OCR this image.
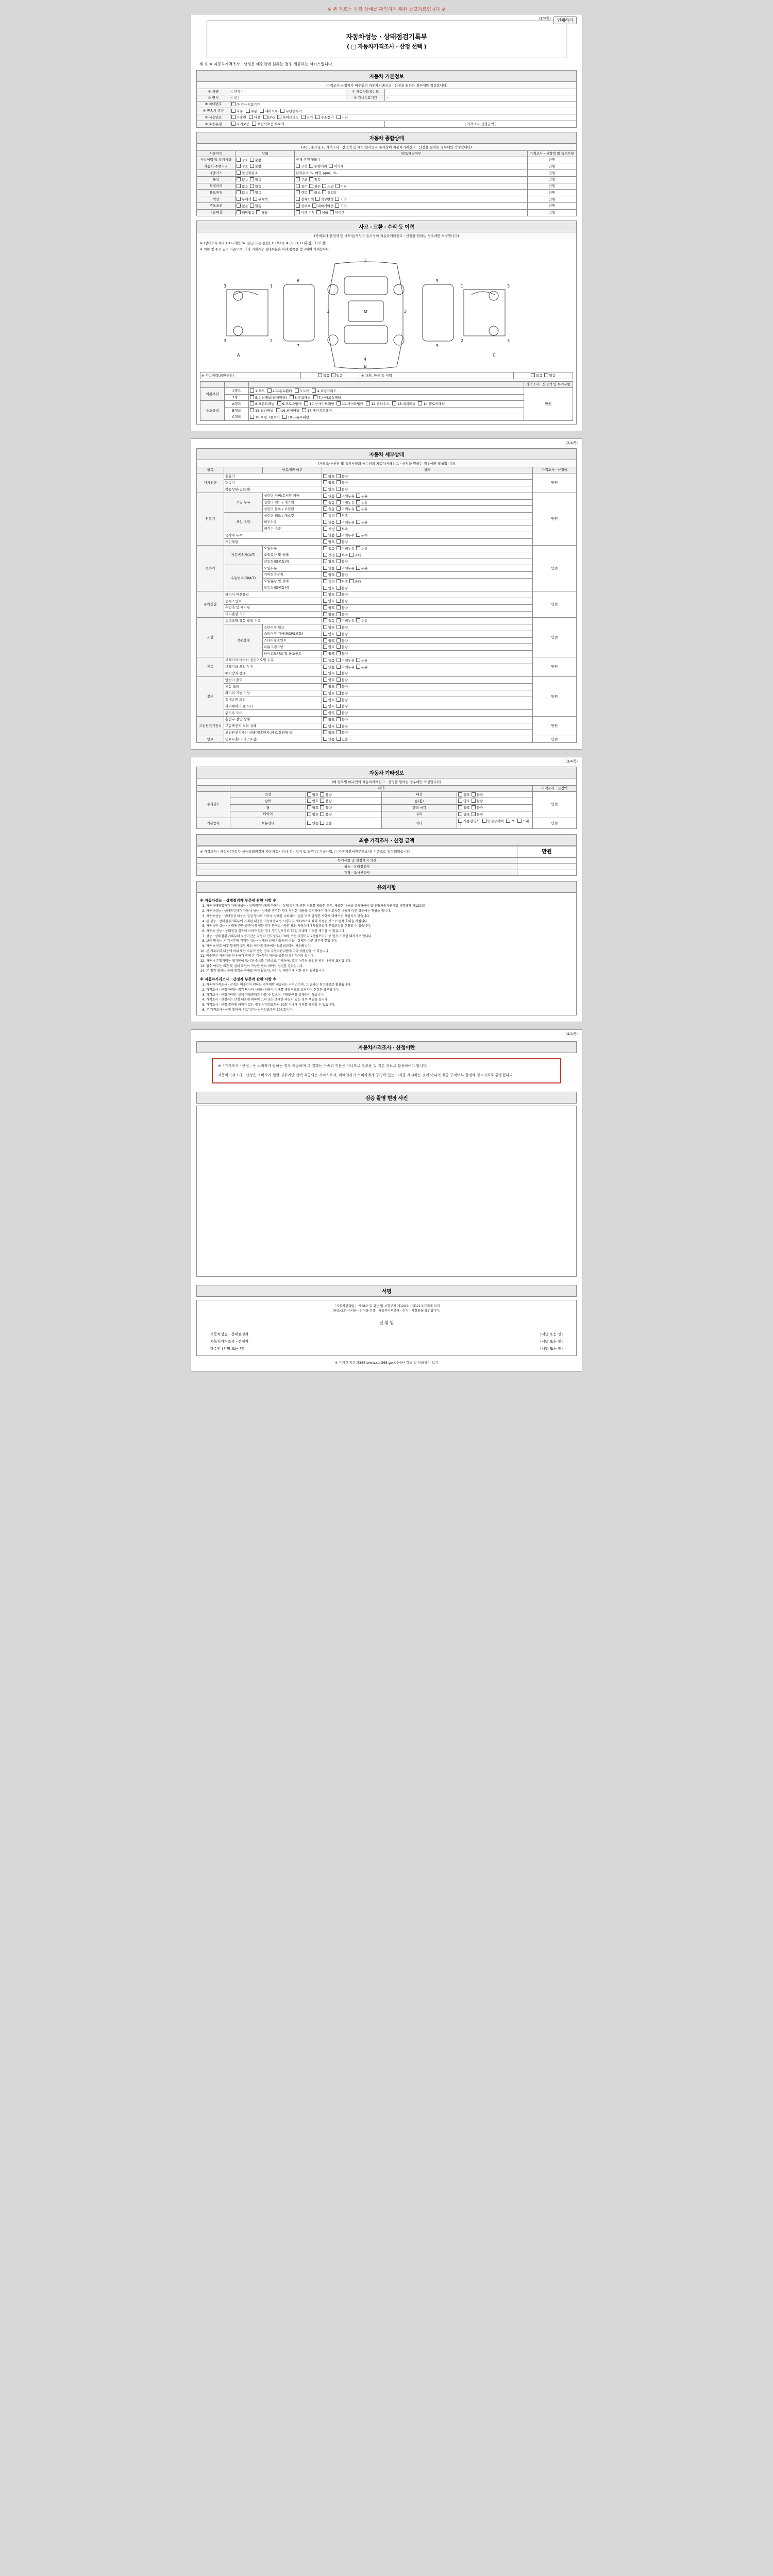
※ 본 자료는 차량 상태를 확인하기 위한 참고자료입니다 ※
인쇄하기
(1/4쪽)
자동차성능 · 상태점검기록부
( □ 자동차가격조사 · 산정 선택 )
제 호 ※ 자동차가격조사 · 산정은 매수인에 원하는 경우 제공하는 서비스입니다.
자동차 기본정보
(가격조사·산정자가 매수인의 자동차거래신고 · 산정을 원하는 경우에만 작성합니다)
① 차명	( 년식 )	② 자동차등록번호	
② 연식	( 년 )	③ 검사유효기간	~
④ 차대번호	② 검사유효기간		
⑤ 변속기 종류	자동 수동 세미오토 무단변속기		
⑥ 사용연료	가솔린 디젤 LPG 하이브리드 전기 수소전기 기타		
⑦ 보증유형	자기보증 보험사보증 부보적		( 가격조사·산정금액 )
자동차 종합상태
(주요, 주요골조, 가격조사 · 산정액 및 매도인/사업자 동시상이 자동차거래신고 · 산정을 원하는 경우에만 작성합니다)
사용이력	상태	항목/해당여부	가격조사 · 산정액 및 특기사항
사용이력 및 특기사항	양호 불량	현재 주행거리( )	만원
자동차 주행거리	양호 불량	교정 주행거리 미기재	만원
배출가스	일산화탄소	탄화수소 %  매연 ppm,  %	만원
튜닝	없음 있음	구조 장치	만원
특별이력	없음 있음	침수 전손 도난 기타	만원
용도변경	없음 있음	렌트 리스 영업용	만원
색상	무채색 유채색	전체도색 색상변경 기타	만원
주요옵션	없음 있음	선루프 내비게이션 기타	만원
리콜대상	해당없음 해당	이행 여부 이행 미이행	만원
사고 · 교환 · 수리 등 이력
(가격조사·산정자 및 매도인/사업자 동시상이 자동차거래신고 · 산정을 원하는 경우에만 작성합니다)
※ (상태표시 부호 ) X (교환), W (판금 또는 용접), C (부식), A (사고), U (흠집), T (요철)
※ 외판 및 주요 골격 기준으로, 기타 기재가능 상태부분은 아래 항목을 참고하여 기재합니다.
3	1
3	2
1
4
3	3
M
6
7
5
5
1	3
2	3
A
B
C
※ 사고이력(외판부위)	없음 있음	※ 교환, 판금 등 이력	없음 있음
			가격조사 · 산정액 및 특기사항
외판부위	1랭크	1.후드 2.프론트휀더 3.도어 4.트렁크리드	만원
	2랭크	5.쿼터패널(리어휀더) 6.루프패널 7.사이드실패널	
주요골격	A랭크	8.프론트패널 9.크로스멤버 10.인사이드패널 11.사이드멤버 12.휠하우스 13.대쉬패널 14.플로어패널	
	B랭크	15.필라패널 16.리어패널 17.패키지트레이	
	C랭크	18.트렁크플로어 19.프론트패널	
(2/4쪽)
자동차 세부상태
(가격조사·산정 및 특기사항과 매수인의 자동차거래신고 · 산정을 원하는 경우에만 작성합니다)
항목		항목/해당여부	상태	가격조사 · 산정액
자기진단	원동기		양호 불량	만원
	변속기		양호 불량	
	작동상태(공회전)		양호 불량	
원동기	오일 누유	실린더 커버/로커암 커버	없음 미세누유 누유	만원
		실린더 헤드 / 개스킷	없음 미세누유 누유	
		실린더 블록 / 오일팬	없음 미세누유 누유	
	오일 유량	실린더 헤드 / 개스킷	적정 부족	
		외부누유	없음 미세누유 누유	
		냉각수 수준	적정 부족	
	냉각수 누수		없음 미세누수 누수	
	커먼레일		양호 불량	
변속기	자동변속기(A/T)	오일누유	없음 미세누유 누유	만원
		오일유량 및 상태	적정 부족 과다	
		작동상태(공회전)	양호 불량	
	수동변속기(M/T)	오일누유	없음 미세누유 누유	
		기어변속장치	양호 불량	
		오일유량 및 상태	적정 부족 과다	
		작동상태(공회전)	양호 불량	
동력전달	클러치 어셈블리		양호 불량	만원
	등속조인트		양호 불량	
	추진축 및 베어링		양호 불량	
	디퍼렌셜 기어		양호 불량	
조향	동력조향 작동 오일 누유		없음 미세누유 누유	만원
	작동상태	스티어링 펌프	양호 불량	
		스티어링 기어(MDPS포함)	양호 불량	
		스티어링조인트	양호 불량	
		파워크랭크암	양호 불량	
		타이로드엔드 및 볼조인트	양호 불량	
제동	브레이크 마스터 실린더오일 누유		없음 미세누유 누유	만원
	브레이크 오일 누유		없음 미세누유 누유	
	배력장치 상태		양호 불량	
전기	발전기 출력		양호 불량	만원
	시동 모터		양호 불량	
	와이퍼 기능 이상		양호 불량	
	실내송풍 모터		양호 불량	
	라디에이터 팬 모터		양호 불량	
	윈도우 모터		양호 불량	
고전원전기장치	충전구 절연 상태		양호 불량	만원
	구동축전지 격리 상태		양호 불량	
	고전원전기배선 상태(접속단자,피복,절연체 등)		양호 불량	
연료	연료누출(LP가스포함)		없음 있음	만원
(3/4쪽)
자동차 기타정보
(매 항목별 매수인의 자동차거래신고 · 산정을 원하는 경우에만 작성합니다)
	내역				가격조사 · 산정액
수리필요	외장	양호 불량	내장	양호 불량	만원
	광택	양호 불량	룸(휠)	양호 불량	
	휠	양호 불량	광택 마감	양호 불량	
	타이어	양호 불량	유리	양호 불량	
기본품목	보유상태	있음 없음	기타	사용설명서 안전삼각대 잭 스패너	만원
최종 가격조사 · 산정 금액
※ 가격조사 · 산정자(자동차 성능상태점검자 자동차정기검사 정비업자 및 딸린 □ 기술사업, □ 자동차정비전문기술자) 기준으로 작성되었습니다	만원
특기사항 및 점검자의 의견	
성능 · 상태점검자	
가격 · 조사산정자	
유의사항
※ 자동차성능 · 상태점검자 부문에 관한 사항 ※
1. 자동차매매업자가 자동차성능 · 상태점검자에게 자동차 · 상태 확인에 관한 정보를 제공한 경우, 제공한 내용을 고지하여야 합니다(자동차관리법 시행규칙 제120조).
2. 자동차성능 · 상태점검자가 자동차 성능 · 상태를 점검한 경우 점검한 내용을 고지하여야 하며 고지한 내용과 다른 경우에는 책임을 집니다.
3. 자동차성능 · 상태점검 내용은 점검 당시의 자동차 상태를 나타내며, 점검 이후 발생한 사항에 대해서는 책임지지 않습니다.
4. 본 성능 · 상태점검기록부에 기재된 내용은 자동차관리법 시행규칙 제120조에 따라 작성된 것으로 법적 효력을 가집니다.
5. 자동차의 성능 · 상태에 관한 분쟁이 발생한 경우 한국소비자원 또는 자동차매매사업조합에 분쟁조정을 신청할 수 있습니다.
6. 자동차 성능 · 상태점검 결과에 이의가 있는 경우 점검일로부터 30일 이내에 이의를 제기할 수 있습니다.
7. 성능 · 상태점검 기록부의 보증기간은 자동차 인도일부터 30일 또는 주행거리 2천킬로미터 중 먼저 도래한 때까지로 합니다.
8. 보증 범위는 본 기록부에 기재된 성능 · 상태와 실제 자동차의 성능 · 상태가 다른 경우에 한합니다.
9. 자동차 인도 이후 발생한 고장 또는 하자에 대하여는 보증범위에서 제외됩니다.
10. 본 기록부의 내용에 허위 또는 오류가 있는 경우 자동차관리법에 따라 처벌받을 수 있습니다.
11. 매수인은 자동차를 인수하기 전에 본 기록부의 내용을 충분히 확인하여야 합니다.
12. 자동차 주행거리는 계기판에 표시된 수치를 기준으로 기재하며, 조작 여부는 확인된 범위 내에서 표시합니다.
13. 침수 여부는 외관 및 실내 확인이 가능한 범위 내에서 점검한 결과입니다.
14. 본 점검 결과는 분해 점검을 전제로 하지 않으며, 육안 및 계측기에 의한 점검 결과입니다.
※ 자동차가격조사 · 산정자 부문에 관한 사항 ※
1. 자동차가격조사 · 산정은 매수인이 원하는 경우에만 제공되는 서비스이며, 그 결과는 참고자료로 활용됩니다.
2. 가격조사 · 산정 금액은 점검 당시의 시세와 자동차 상태를 종합적으로 고려하여 산정한 금액입니다.
3. 가격조사 · 산정 금액은 실제 거래금액과 다를 수 있으며, 거래금액을 강제하지 않습니다.
4. 가격조사 · 산정자는 산정 내용에 대하여 고의 또는 중대한 과실이 있는 경우 책임을 집니다.
5. 가격조사 · 산정 결과에 이의가 있는 경우 산정일로부터 30일 이내에 이의를 제기할 수 있습니다.
6. 본 가격조사 · 산정 결과의 유효기간은 산정일로부터 30일입니다.
(4/4쪽)
자동차가격조사 · 산정이란
※「가격조사 · 산정」은 소비자가 원하는 경우 제공하며 그 결과는 구속력 적용은 아니므로 참고용 및 기본 자료로 활용하여야 합니다.
자동차가격조사 · 산정은 소비자가 원할 경우에만 선택 제공되는 서비스로서, 매매업자가 소비자에게 구속력 있는 가격을 제시하는 것이 아니며 최종 구매여부 결정에 참고자료로 활용됩니다.
검증 촬영 현장 사진
서명
「자동차관리법」 제58조 및 같은 법 시행규칙 제120조 · 제121조기재에 의거
(구조·교환·수리등 · 산정을 검증 · 자동차가격조사 · 산정 ) 사항임을 확인합니다.
년 월 일
자동차성능 · 상태점검자	(서명 또는 인)
자동차가격조사 · 산정자	(서명 또는 인)
매수인 (서명 또는 인)	(서명 또는 인)
※ 가기간 자동차365(www.car365.go.kr)에서 검색 및 인쇄하여 보기
